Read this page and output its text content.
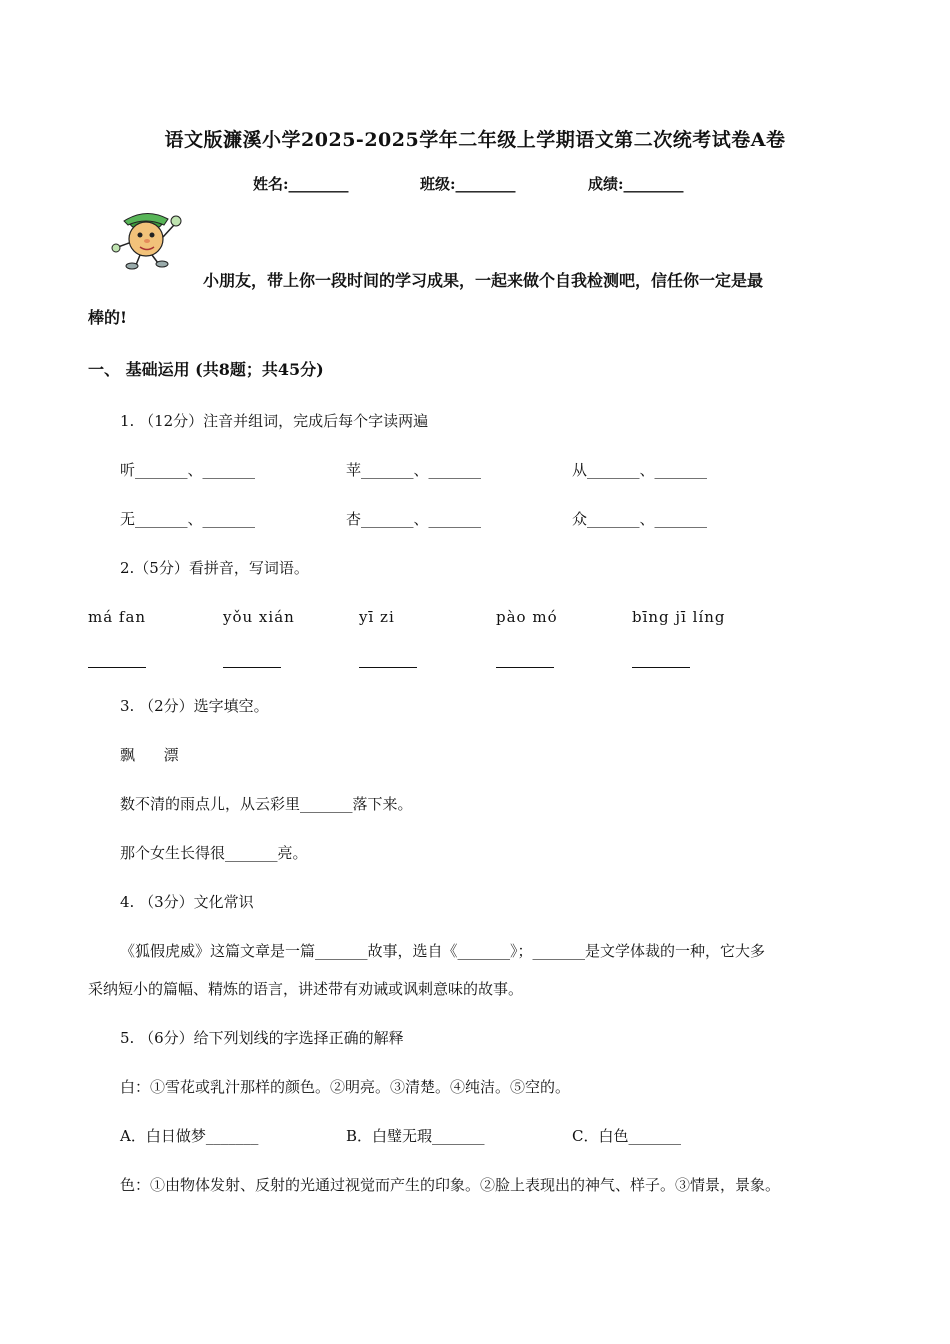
语文版濂溪小学2025-2025学年二年级上学期语文第二次统考试卷A卷
姓名:________	班级:________	成绩:________
小朋友，带上你一段时间的学习成果，一起来做个自我检测吧，信任你一定是最
棒的!
一、 基础运用 (共8题；共45分)
1. （12分）注音并组词，完成后每个字读两遍
听_______、_______	苹_______、_______	从_______、_______
无_______、_______	杏_______、_______	众_______、_______
2.（5分）看拼音，写词语。
má fan	yǒu xián	yī zi	pào mó	bīng jī líng
3. （2分）选字填空。
飘      漂
数不清的雨点儿，从云彩里_______落下来。
那个女生长得很_______亮。
4. （3分）文化常识
《狐假虎威》这篇文章是一篇_______故事，选自《_______》；_______是文学体裁的一种，它大多
采纳短小的篇幅、精炼的语言，讲述带有劝诫或讽刺意味的故事。
5. （6分）给下列划线的字选择正确的解释
白：①雪花或乳汁那样的颜色。②明亮。③清楚。④纯洁。⑤空的。
A．白日做梦_______	B．白璧无瑕_______	C．白色_______
色：①由物体发射、反射的光通过视觉而产生的印象。②脸上表现出的神气、样子。③情景，景象。
